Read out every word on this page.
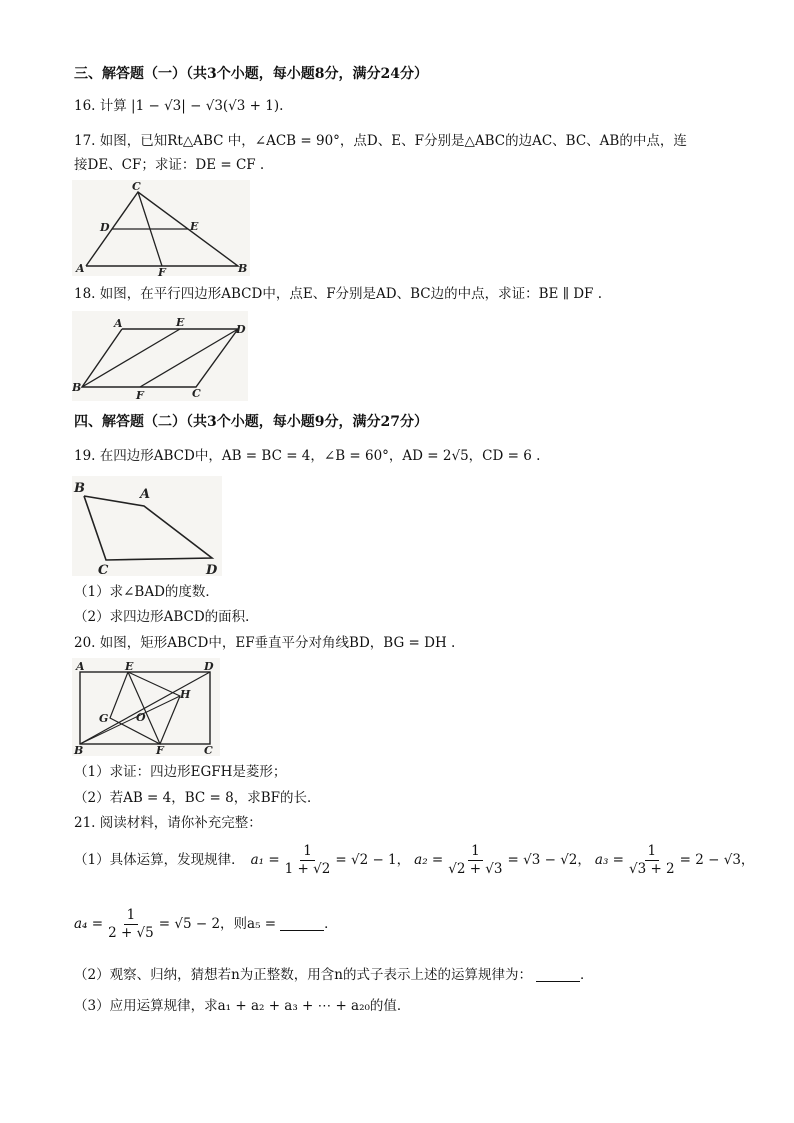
三、解答题（一）（共3个小题，每小题8分，满分24分）
16. 计算 |1 − √3| − √3(√3 + 1).
17. 如图，已知Rt△ABC 中，∠ACB = 90°，点D、E、F分别是△ABC的边AC、BC、AB的中点，连
接DE、CF；求证：DE = CF .
C
D	E
A	F	B
18. 如图，在平行四边形ABCD中，点E、F分别是AD、BC边的中点，求证：BE ∥ DF .
A	E
D
B
F	C
四、解答题（二）（共3个小题，每小题9分，满分27分）
19. 在四边形ABCD中，AB = BC = 4，∠B = 60°，AD = 2√5，CD = 6 .
B	A
C	D
（1）求∠BAD的度数．
（2）求四边形ABCD的面积．
20. 如图，矩形ABCD中，EF垂直平分对角线BD，BG = DH .
A	E	D
H
G	O
B	F	C
（1）求证：四边形EGFH是菱形；
（2）若AB = 4，BC = 8，求BF的长．
21. 阅读材料，请你补充完整：
（1）具体运算，发现规律． $a_1 = \frac{1}{1 + √2} = √2 - 1$， $a_2 = \frac{1}{√2 + √3} = √3 - √2$， $a_3 = \frac{1}{√3 + 2} = 2 - √3$，
$a_4 = \frac{1}{2 + √5} = √5 - 2$，则a₅ =	．
（2）观察、归纳，猜想若n为正整数，用含n的式子表示上述的运算规律为：	．
（3）应用运算规律，求a₁ + a₂ + a₃ + ⋯ + a₂₀的值．
